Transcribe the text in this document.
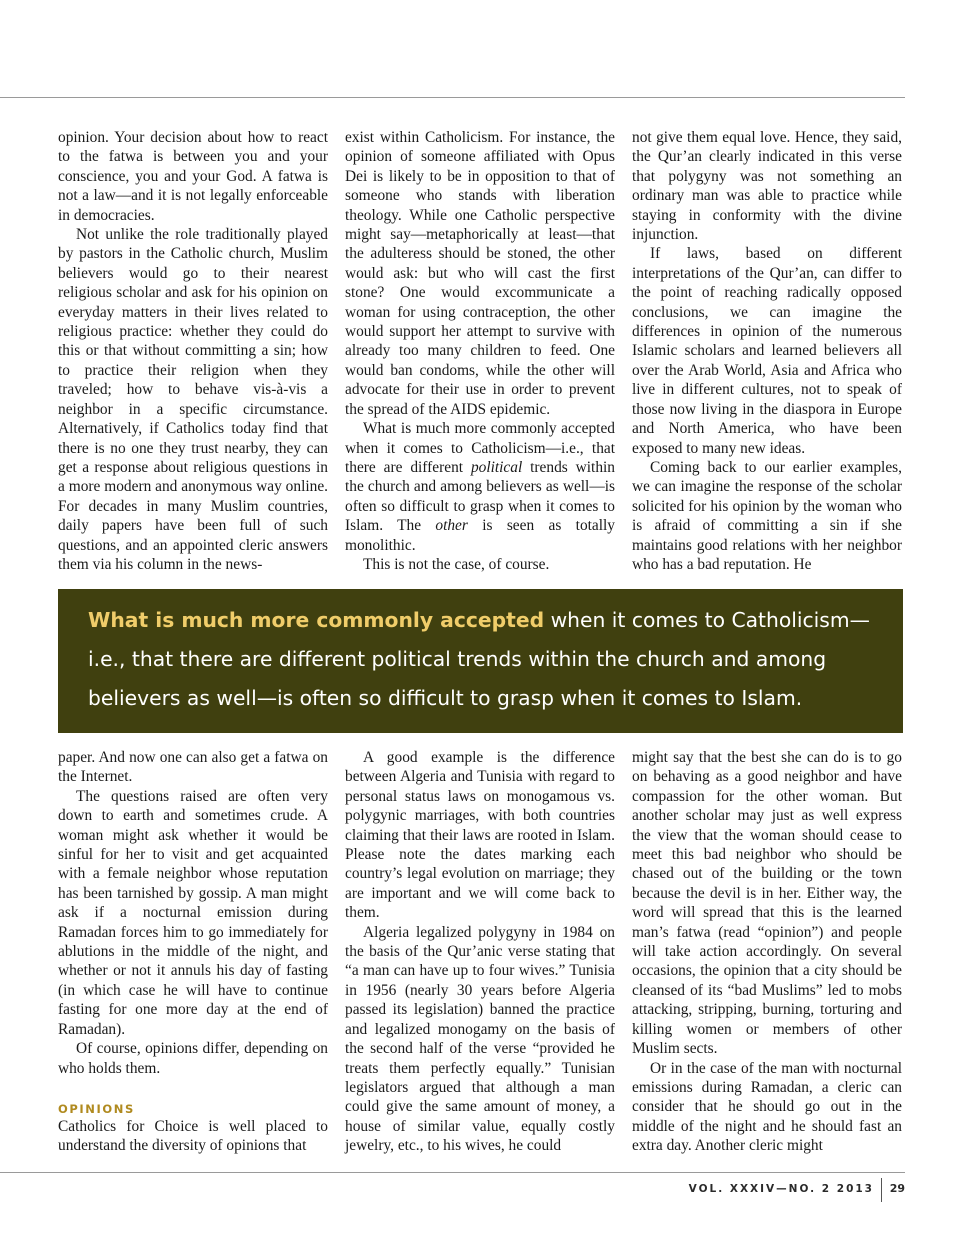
opinion. Your decision about how to react to the fatwa is between you and your conscience, you and your God. A fatwa is not a law—and it is not legally enforceable in democracies.

Not unlike the role traditionally played by pastors in the Catholic church, Muslim believers would go to their nearest religious scholar and ask for his opinion on everyday matters in their lives related to religious practice: whether they could do this or that without committing a sin; how to practice their religion when they traveled; how to behave vis-à-vis a neighbor in a specific circumstance. Alternatively, if Catholics today find that there is no one they trust nearby, they can get a response about religious questions in a more modern and anonymous way online. For decades in many Muslim countries, daily papers have been full of such questions, and an appointed cleric answers them via his column in the news-

exist within Catholicism. For instance, the opinion of someone affiliated with Opus Dei is likely to be in opposition to that of someone who stands with liberation theology. While one Catholic perspective might say—metaphorically at least—that the adulteress should be stoned, the other would ask: but who will cast the first stone? One would excommunicate a woman for using contraception, the other would support her attempt to survive with already too many children to feed. One would ban condoms, while the other will advocate for their use in order to prevent the spread of the AIDS epidemic.

What is much more commonly accepted when it comes to Catholicism—i.e., that there are different political trends within the church and among believers as well—is often so difficult to grasp when it comes to Islam. The other is seen as totally monolithic.

This is not the case, of course.

not give them equal love. Hence, they said, the Qur’an clearly indicated in this verse that polygyny was not something an ordinary man was able to practice while staying in conformity with the divine injunction.

If laws, based on different interpretations of the Qur’an, can differ to the point of reaching radically opposed conclusions, we can imagine the differences in opinion of the numerous Islamic scholars and learned believers all over the Arab World, Asia and Africa who live in different cultures, not to speak of those now living in the diaspora in Europe and North America, who have been exposed to many new ideas.

Coming back to our earlier examples, we can imagine the response of the scholar solicited for his opinion by the woman who is afraid of committing a sin if she maintains good relations with her neighbor who has a bad reputation. He

What is much more commonly accepted when it comes to Catholicism—i.e., that there are different political trends within the church and among believers as well—is often so difficult to grasp when it comes to Islam.

paper. And now one can also get a fatwa on the Internet.

The questions raised are often very down to earth and sometimes crude. A woman might ask whether it would be sinful for her to visit and get acquainted with a female neighbor whose reputation has been tarnished by gossip. A man might ask if a nocturnal emission during Ramadan forces him to go immediately for ablutions in the middle of the night, and whether or not it annuls his day of fasting (in which case he will have to continue fasting for one more day at the end of Ramadan).

Of course, opinions differ, depending on who holds them.

OPINIONS

Catholics for Choice is well placed to understand the diversity of opinions that

A good example is the difference between Algeria and Tunisia with regard to personal status laws on monogamous vs. polygynic marriages, with both countries claiming that their laws are rooted in Islam. Please note the dates marking each country’s legal evolution on marriage; they are important and we will come back to them.

Algeria legalized polygyny in 1984 on the basis of the Qur’anic verse stating that “a man can have up to four wives.” Tunisia in 1956 (nearly 30 years before Algeria passed its legislation) banned the practice and legalized monogamy on the basis of the second half of the verse “provided he treats them perfectly equally.” Tunisian legislators argued that although a man could give the same amount of money, a house of similar value, equally costly jewelry, etc., to his wives, he could

might say that the best she can do is to go on behaving as a good neighbor and have compassion for the other woman. But another scholar may just as well express the view that the woman should cease to meet this bad neighbor who should be chased out of the building or the town because the devil is in her. Either way, the word will spread that this is the learned man’s fatwa (read “opinion”) and people will take action accordingly. On several occasions, the opinion that a city should be cleansed of its “bad Muslims” led to mobs attacking, stripping, burning, torturing and killing women or members of other Muslim sects.

Or in the case of the man with nocturnal emissions during Ramadan, a cleric can consider that he should go out in the middle of the night and he should fast an extra day. Another cleric might

VOL. XXXIV—NO. 2 2013 29
